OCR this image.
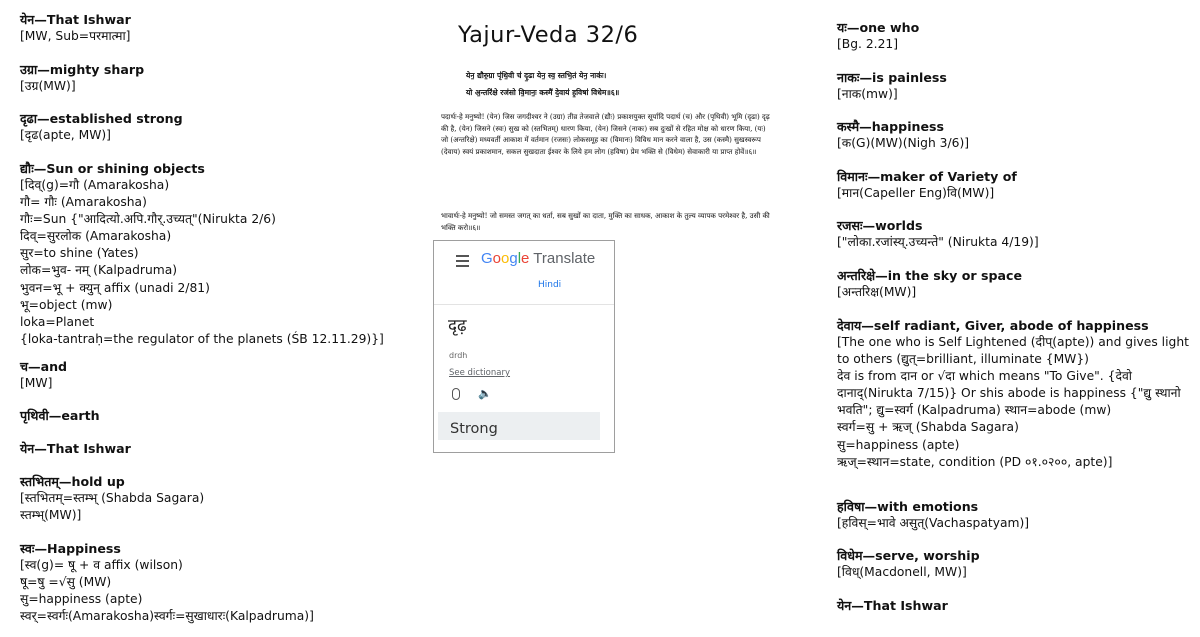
येन—That Ishwar

[MW, Sub=परमात्मा]

उग्रा—mighty sharp

[उग्र(MW)]

दृढा—established strong

[दृढ(apte, MW)]

द्यौः—Sun or shining objects

[दिव्(g)=गौ (Amarakosha)

गौ= गौः (Amarakosha)

गौः=Sun {"आदित्यो.अपि.गौर्.उच्यत्"(Nirukta 2/6)

दिव्=सुरलोक (Amarakosha)

सुर=to shine (Yates)

लोक=भुव- नम् (Kalpadruma)

भुवन=भू + क्युन् affix (unadi 2/81)

भू=object (mw)

loka=Planet

{loka-tantraḥ=the regulator of the planets (ŚB 12.11.29)}]

च—and

[MW]

पृथिवी—earth

येन—That Ishwar

स्तभितम्—hold up

[स्तभितम्=स्तम्भ् (Shabda Sagara)

स्तम्भ्(MW)]

स्वः—Happiness

[स्व(g)= षू + व affix (wilson)

षू=षु =√सु (MW)

सु=happiness (apte)

स्वर्=स्वर्गः(Amarakosha)स्वर्गः=सुखाधारः(Kalpadruma)]

Yajur-Veda 32/6
येन॒ द्यौरु॒ग्रा पृ॑थि॒वी च॑ दृ॒ढा येन॒ स्व॒ स्तभि॒तं येन॒ नाकः॑।
यो अ॒न्तरि॑क्षे रज॑सो वि॒मानः॒ कस्मै॑ दे॒वाय॑ ह॒विषा॑ विधेम॥६॥

पदार्थः-हे मनुष्यो! (येन) जिस जगदीश्वर ने (उग्रा) तीव्र तेजवाले (द्यौः) प्रकाशयुक्त सूर्यादि पदार्थ (च) और (पृथिवी) भूमि (दृढा) दृढ़ की है, (येन) जिसने (स्वः) सुख को (स्तभितम्) धारण किया, (येन) जिसने (नाकः) सब दुःखों से रहित मोक्ष को धारण किया, (यः) जो (अन्तरिक्षे) मध्यवर्ती आकाश में वर्तमान (रजसः) लोकसमूह का (विमानः) विविध मान करने वाला है, उस (कस्मै) सुखस्वरूप (देवाय) स्वयं प्रकाशमान, सकल सुखदाता ईश्वर के लिये हम लोग (हविषा) प्रेम भक्ति से (विधेम) सेवाकारी या प्राप्त होवें॥६॥

भावार्थः-हे मनुष्यो! जो समस्त जगत् का धर्ता, सब सुखों का दाता, मुक्ति का साधक, आकाश के तुल्य व्यापक परमेश्वर है, उसी की भक्ति करो॥६॥

Google Translate
Hindi
दृढ़
drdh
See dictionary
🔈
Strong

यः—one who

[Bg. 2.21]

नाकः—is painless

[नाक(mw)]

कस्मै—happiness

[क(G)(MW)(Nigh 3/6)]

विमानः—maker of Variety of

[मान(Capeller Eng)वि(MW)]

रजसः—worlds

["लोका.रजांस्य्.उच्यन्ते" (Nirukta 4/19)]

अन्तरिक्षे—in the sky or space

[अन्तरिक्ष(MW)]

देवाय—self radiant, Giver, abode of happiness

[The one who is Self Lightened (दीप्(apte)) and gives light to others (द्युत्=brilliant, illuminate {MW})

देव is from दान or √दा which means "To Give". {देवो दानाद्(Nirukta 7/15)} Or shis abode is happiness {"द्यु स्थानो भवति"; द्यु=स्वर्ग (Kalpadruma) स्थान=abode (mw)

स्वर्ग=सु + ऋज् (Shabda Sagara)

सु=happiness (apte)

ऋज्=स्थान=state, condition (PD ०१.०२००, apte)]

हविषा—with emotions

[हविस्=भावे असुत्(Vachaspatyam)]

विधेम—serve, worship

[विध्(Macdonell, MW)]

येन—That Ishwar
